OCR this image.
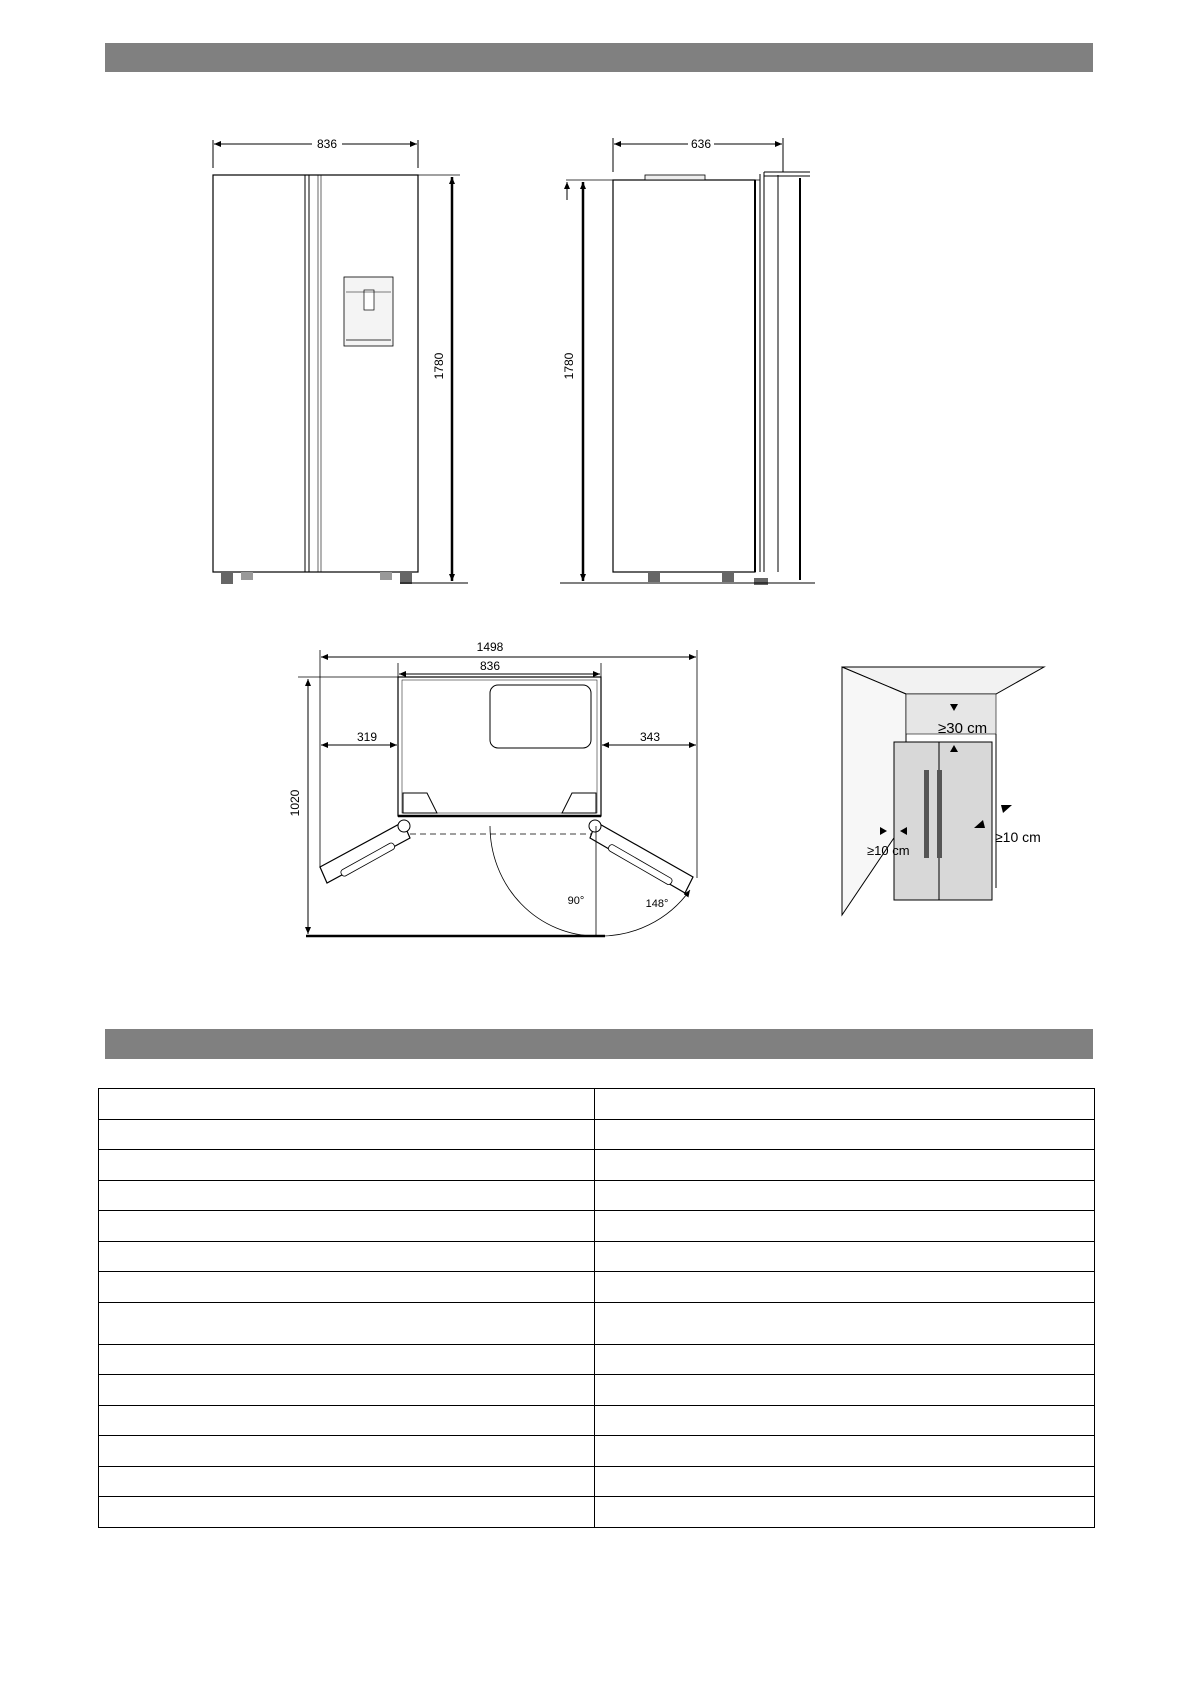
836
1780
636
1780
90°	148°
1498
836
319	343
1020
≥30 cm
≥10 cm
≥10 cm
